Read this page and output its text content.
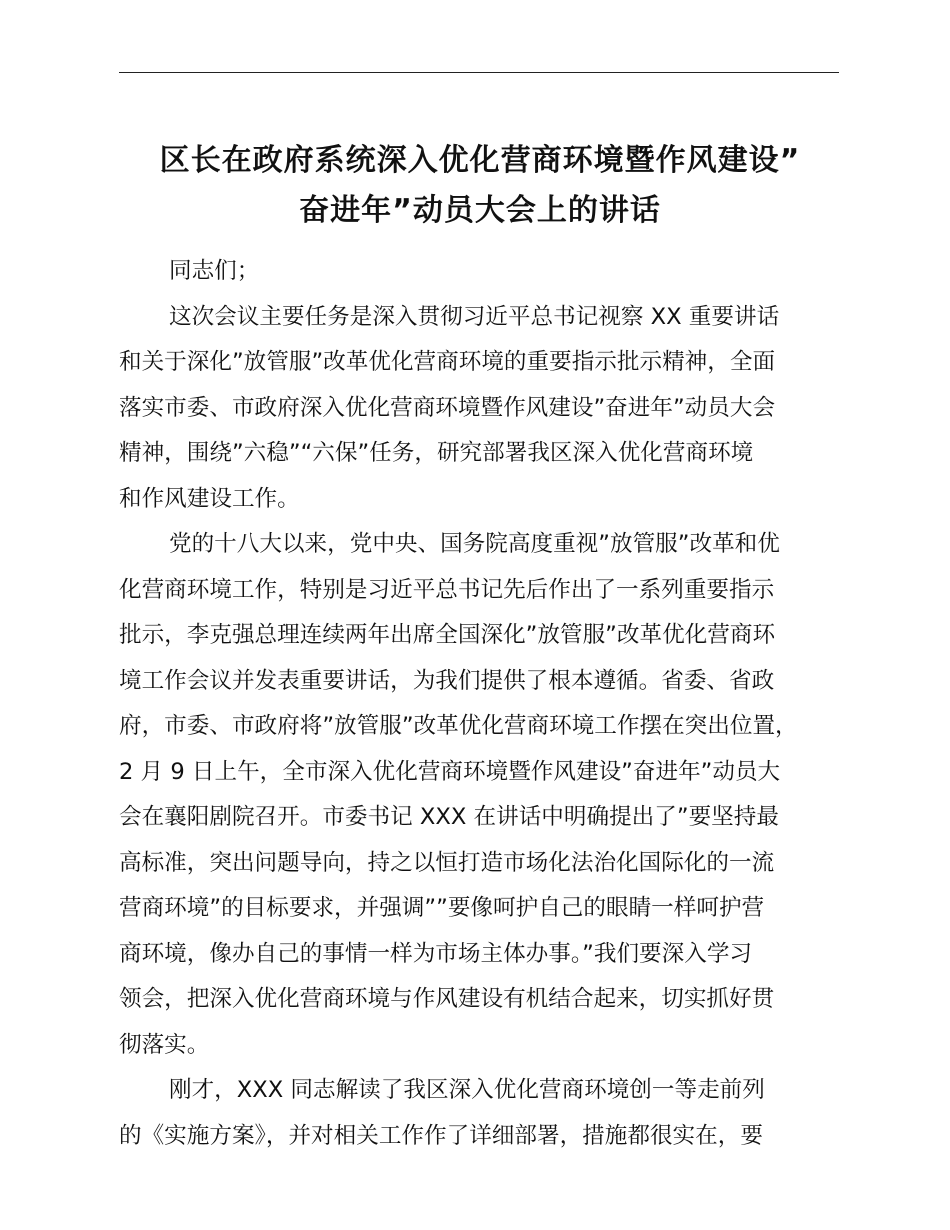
区长在政府系统深入优化营商环境暨作风建设”
奋进年”动员大会上的讲话

同志们；

这次会议主要任务是深入贯彻习近平总书记视察 XX 重要讲话
和关于深化”放管服”改革优化营商环境的重要指示批示精神，全面
落实市委、市政府深入优化营商环境暨作风建设”奋进年”动员大会
精神，围绕”六稳”“六保”任务，研究部署我区深入优化营商环境
和作风建设工作。

党的十八大以来，党中央、国务院高度重视”放管服”改革和优
化营商环境工作，特别是习近平总书记先后作出了一系列重要指示
批示，李克强总理连续两年出席全国深化”放管服”改革优化营商环
境工作会议并发表重要讲话，为我们提供了根本遵循。省委、省政
府，市委、市政府将”放管服”改革优化营商环境工作摆在突出位置，
2 月 9 日上午，全市深入优化营商环境暨作风建设”奋进年”动员大
会在襄阳剧院召开。市委书记 XXX 在讲话中明确提出了”要坚持最
高标准，突出问题导向，持之以恒打造市场化法治化国际化的一流
营商环境”的目标要求，并强调””要像呵护自己的眼睛一样呵护营
商环境，像办自己的事情一样为市场主体办事。”我们要深入学习
领会，把深入优化营商环境与作风建设有机结合起来，切实抓好贯
彻落实。

刚才，XXX 同志解读了我区深入优化营商环境创一等走前列
的《实施方案》，并对相关工作作了详细部署，措施都很实在，要
